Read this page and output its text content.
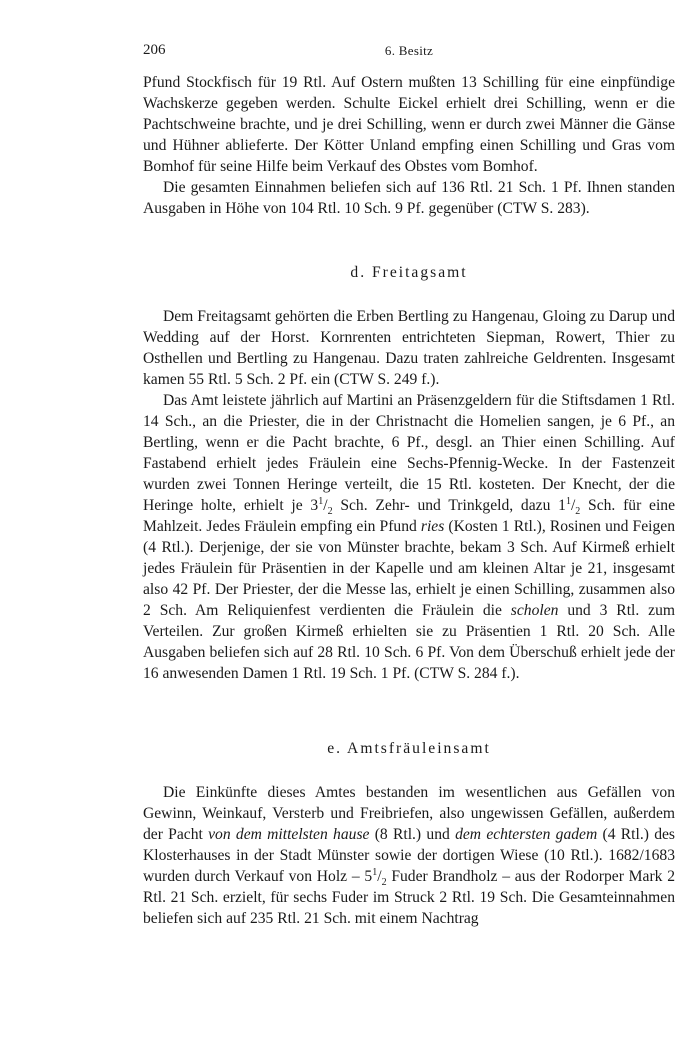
206	6. Besitz

Pfund Stockfisch für 19 Rtl. Auf Ostern mußten 13 Schilling für eine einpfündige Wachskerze gegeben werden. Schulte Eickel erhielt drei Schilling, wenn er die Pachtschweine brachte, und je drei Schilling, wenn er durch zwei Männer die Gänse und Hühner ablieferte. Der Kötter Unland empfing einen Schilling und Gras vom Bomhof für seine Hilfe beim Verkauf des Obstes vom Bomhof.

Die gesamten Einnahmen beliefen sich auf 136 Rtl. 21 Sch. 1 Pf. Ihnen standen Ausgaben in Höhe von 104 Rtl. 10 Sch. 9 Pf. gegenüber (CTW S. 283).

d. Freitagsamt

Dem Freitagsamt gehörten die Erben Bertling zu Hangenau, Gloing zu Darup und Wedding auf der Horst. Kornrenten entrichteten Siepman, Rowert, Thier zu Osthellen und Bertling zu Hangenau. Dazu traten zahlreiche Geldrenten. Insgesamt kamen 55 Rtl. 5 Sch. 2 Pf. ein (CTW S. 249 f.).

Das Amt leistete jährlich auf Martini an Präsenzgeldern für die Stiftsdamen 1 Rtl. 14 Sch., an die Priester, die in der Christnacht die Homelien sangen, je 6 Pf., an Bertling, wenn er die Pacht brachte, 6 Pf., desgl. an Thier einen Schilling. Auf Fastabend erhielt jedes Fräulein eine Sechs-Pfennig-Wecke. In der Fastenzeit wurden zwei Tonnen Heringe verteilt, die 15 Rtl. kosteten. Der Knecht, der die Heringe holte, erhielt je $3^1/_2$ Sch. Zehr- und Trinkgeld, dazu $1^1/_2$ Sch. für eine Mahlzeit. Jedes Fräulein empfing ein Pfund ries (Kosten 1 Rtl.), Rosinen und Feigen (4 Rtl.). Derjenige, der sie von Münster brachte, bekam 3 Sch. Auf Kirmeß erhielt jedes Fräulein für Präsentien in der Kapelle und am kleinen Altar je 21, insgesamt also 42 Pf. Der Priester, der die Messe las, erhielt je einen Schilling, zusammen also 2 Sch. Am Reliquienfest verdienten die Fräulein die scholen und 3 Rtl. zum Verteilen. Zur großen Kirmeß erhielten sie zu Präsentien 1 Rtl. 20 Sch. Alle Ausgaben beliefen sich auf 28 Rtl. 10 Sch. 6 Pf. Von dem Überschuß erhielt jede der 16 anwesenden Damen 1 Rtl. 19 Sch. 1 Pf. (CTW S. 284 f.).

e. Amtsfräuleinsamt

Die Einkünfte dieses Amtes bestanden im wesentlichen aus Gefällen von Gewinn, Weinkauf, Versterb und Freibriefen, also ungewissen Gefällen, außerdem der Pacht von dem mittelsten hause (8 Rtl.) und dem echtersten gadem (4 Rtl.) des Klosterhauses in der Stadt Münster sowie der dortigen Wiese (10 Rtl.). 1682/1683 wurden durch Verkauf von Holz – $5^1/_2$ Fuder Brandholz – aus der Rodorper Mark 2 Rtl. 21 Sch. erzielt, für sechs Fuder im Struck 2 Rtl. 19 Sch. Die Gesamteinnahmen beliefen sich auf 235 Rtl. 21 Sch. mit einem Nachtrag
